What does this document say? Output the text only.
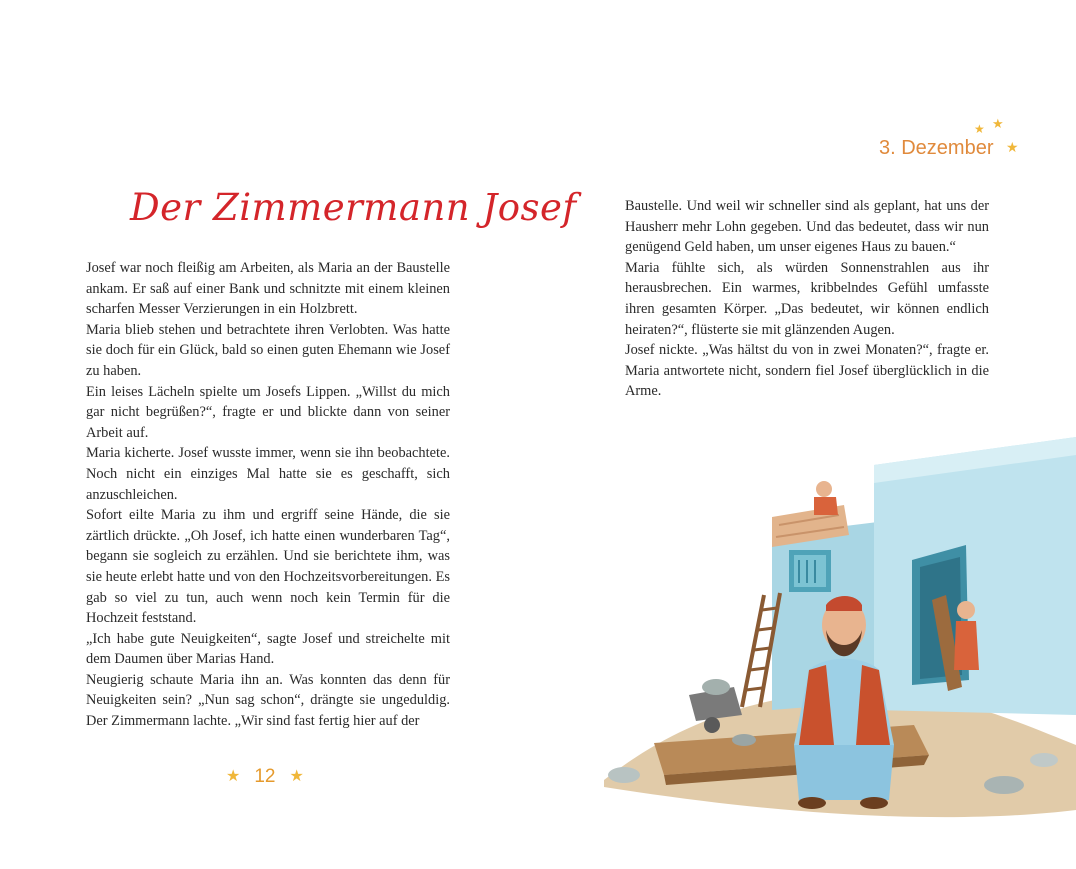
Der Zimmermann Josef

Josef war noch fleißig am Arbeiten, als Maria an der Baustelle ankam. Er saß auf einer Bank und schnitzte mit einem kleinen scharfen Messer Verzierungen in ein Holzbrett.

Maria blieb stehen und betrachtete ihren Verlobten. Was hatte sie doch für ein Glück, bald so einen guten Ehemann wie Josef zu haben.

Ein leises Lächeln spielte um Josefs Lippen. „Willst du mich gar nicht begrüßen?“, fragte er und blickte dann von seiner Arbeit auf.

Maria kicherte. Josef wusste immer, wenn sie ihn beobachtete. Noch nicht ein einziges Mal hatte sie es geschafft, sich anzuschleichen.

Sofort eilte Maria zu ihm und ergriff seine Hände, die sie zärtlich drückte. „Oh Josef, ich hatte einen wunderbaren Tag“, begann sie sogleich zu erzählen. Und sie berichtete ihm, was sie heute erlebt hatte und von den Hochzeitsvorbereitungen. Es gab so viel zu tun, auch wenn noch kein Termin für die Hochzeit feststand.

„Ich habe gute Neuigkeiten“, sagte Josef und streichelte mit dem Daumen über Marias Hand.

Neugierig schaute Maria ihn an. Was konnten das denn für Neuigkeiten sein? „Nun sag schon“, drängte sie ungeduldig. Der Zimmermann lachte. „Wir sind fast fertig hier auf der

★ 12 ★
★ ★
3. Dezember ★

Baustelle. Und weil wir schneller sind als geplant, hat uns der Hausherr mehr Lohn gegeben. Und das bedeutet, dass wir nun genügend Geld haben, um unser eigenes Haus zu bauen.“

Maria fühlte sich, als würden Sonnenstrahlen aus ihr herausbrechen. Ein warmes, kribbelndes Gefühl umfasste ihren gesamten Körper. „Das bedeutet, wir können endlich heiraten?“, flüsterte sie mit glänzenden Augen.

Josef nickte. „Was hältst du von in zwei Monaten?“, fragte er. Maria antwortete nicht, sondern fiel Josef überglücklich in die Arme.
